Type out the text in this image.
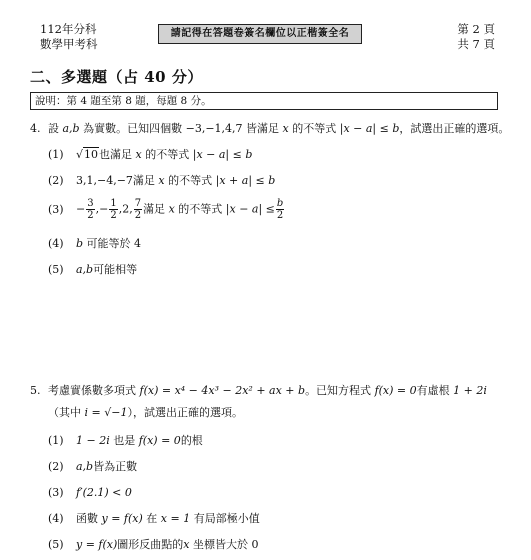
112年分科
數學甲考科
請記得在答題卷簽名欄位以正楷簽全名	第 2 頁
共 7 頁
二、多選題（占 40 分）
說明：第 4 題至第 8 題，每題 8 分。
4. 設 a,b 為實數。已知四個數 −3,−1,4,7 皆滿足 x 的不等式 |x − a| ≤ b，試選出正確的選項。
(1) √10也滿足 x 的不等式 |x − a| ≤ b
(2) 3,1,−4,−7滿足 x 的不等式 |x + a| ≤ b
$(3) - \frac{3}{2}$ ,− $\frac{1}{2} ,2$, $\frac{7}{2}$ 滿足 x 的不等式 $|x - a| \le \frac{b}{2}$
(4) b 可能等於 4
(5) a,b可能相等
5. 考慮實係數多項式 f(x) = x⁴ − 4x³ − 2x² + ax + b。已知方程式 f(x) = 0有虛根 1 + 2i
（其中 i = √−1），試選出正確的選項。
(1) 1 − 2i 也是 f(x) = 0的根
(2) a,b皆為正數
(3) f′(2.1) < 0
(4) 函數 y = f(x) 在 x = 1 有局部極小值
(5) y = f(x)圖形反曲點的x 坐標皆大於 0
